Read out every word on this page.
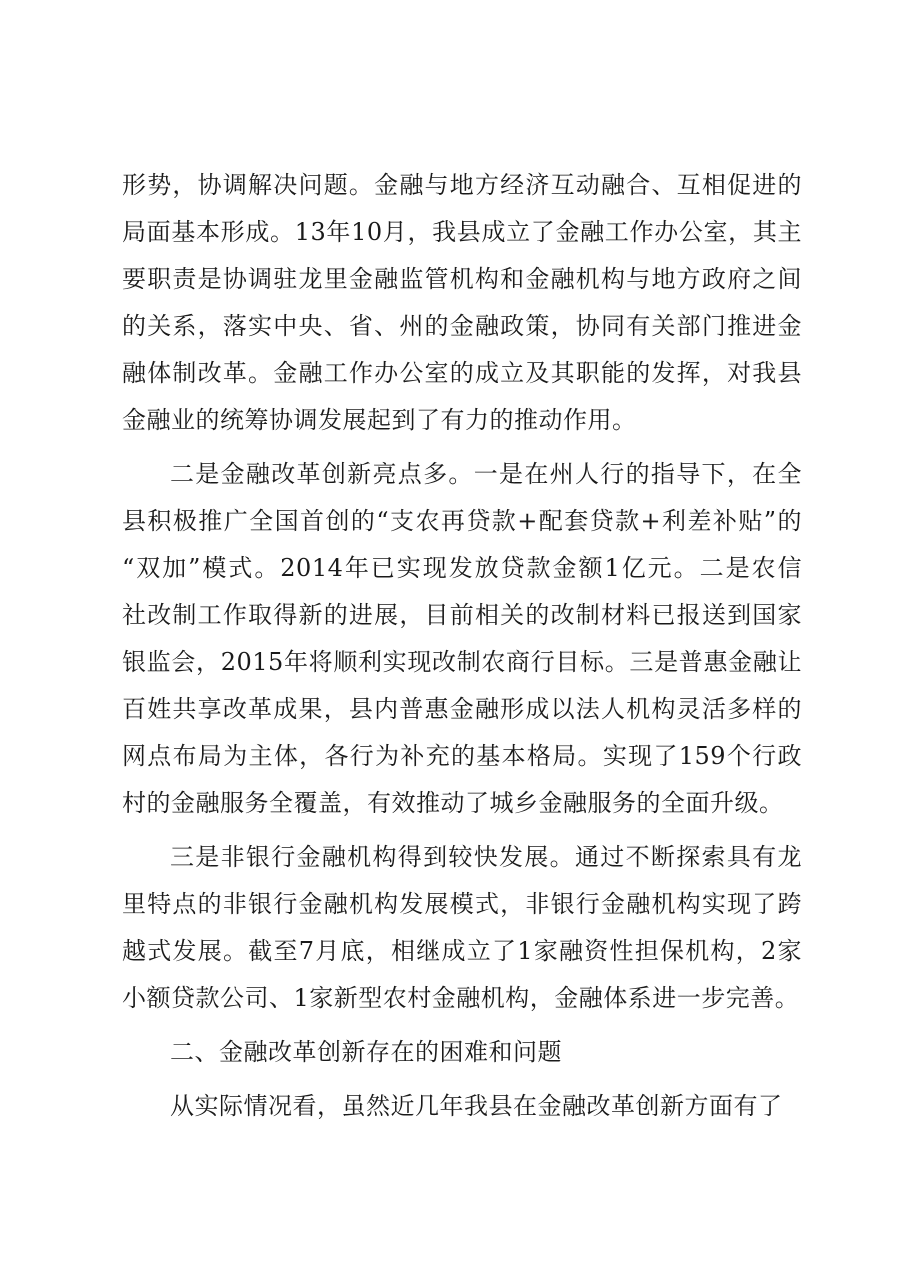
形势，协调解决问题。金融与地方经济互动融合、互相促进的
局面基本形成。13年10月，我县成立了金融工作办公室，其主
要职责是协调驻龙里金融监管机构和金融机构与地方政府之间
的关系，落实中央、省、州的金融政策，协同有关部门推进金
融体制改革。金融工作办公室的成立及其职能的发挥，对我县
金融业的统筹协调发展起到了有力的推动作用。
二是金融改革创新亮点多。一是在州人行的指导下，在全
县积极推广全国首创的“支农再贷款+配套贷款+利差补贴”的
“双加”模式。2014年已实现发放贷款金额1亿元。二是农信
社改制工作取得新的进展，目前相关的改制材料已报送到国家
银监会，2015年将顺利实现改制农商行目标。三是普惠金融让
百姓共享改革成果，县内普惠金融形成以法人机构灵活多样的
网点布局为主体，各行为补充的基本格局。实现了159个行政
村的金融服务全覆盖，有效推动了城乡金融服务的全面升级。
三是非银行金融机构得到较快发展。通过不断探索具有龙
里特点的非银行金融机构发展模式，非银行金融机构实现了跨
越式发展。截至7月底，相继成立了1家融资性担保机构，2家
小额贷款公司、1家新型农村金融机构，金融体系进一步完善。
二、金融改革创新存在的困难和问题
从实际情况看，虽然近几年我县在金融改革创新方面有了
